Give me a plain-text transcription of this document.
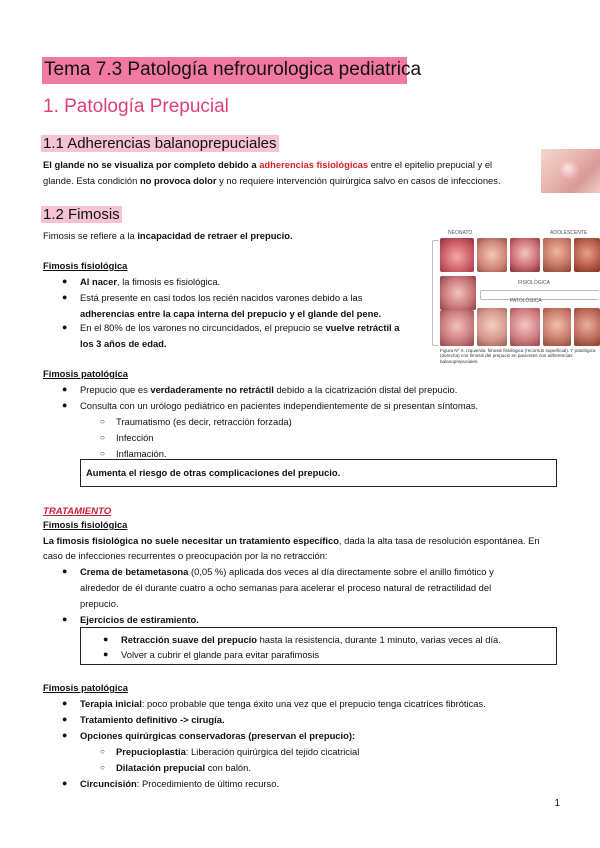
Tema 7.3 Patología nefrourologica pediatrica
1. Patología Prepucial
1.1 Adherencias balanoprepuciales
El glande no se visualiza por completo debido a adherencias fisiológicas entre el epitelio prepucial y el
glande. Esta condición no provoca dolor y no requiere intervención quirúrgica salvo en casos de infecciones.
1.2 Fimosis
Fimosis se refiere a la incapacidad de retraer el prepucio.
Fimosis fisiológica
● Al nacer, la fimosis es fisiológica.
● Está presente en casi todos los recién nacidos varones debido a las
adherencias entre la capa interna del prepucio y el glande del pene.
● En el 80% de los varones no circuncidados, el prepucio se vuelve retráctil a
los 3 años de edad.
NEONATO	ADOLESCENTE
FISIOLÓGICA
PATOLÓGICA
Figura Nº X. Izquierda: fimosis fisiológica (recorrido superficial). Y patológica (derecha) con fimosis del prepucio en pacientes con adherencias balanoprepuciales.
Fimosis patológica
● Prepucio que es verdaderamente no retráctil debido a la cicatrización distal del prepucio.
● Consulta con un urólogo pediátrico en pacientes independientemente de si presentan síntomas.
○ Traumatismo (es decir, retracción forzada)
○ Infección
○ Inflamación.
Aumenta el riesgo de otras complicaciones del prepucio.
TRATAMIENTO
Fimosis fisiológica
La fimosis fisiológica no suele necesitar un tratamiento específico, dada la alta tasa de resolución espontánea. En
caso de infecciones recurrentes o preocupación por la no retracción:
● Crema de betametasona (0,05 %) aplicada dos veces al día directamente sobre el anillo fimótico y
alrededor de él durante cuatro a ocho semanas para acelerar el proceso natural de retractilidad del
prepucio.
● Ejercicios de estiramiento.
● Retracción suave del prepucio hasta la resistencia, durante 1 minuto, varias veces al día.
● Volver a cubrir el glande para evitar parafimosis
Fimosis patológica
● Terapia inicial: poco probable que tenga éxito una vez que el prepucio tenga cicatrices fibróticas.
● Tratamiento definitivo -> cirugía.
● Opciones quirúrgicas conservadoras (preservan el prepucio):
○ Prepucioplastia: Liberación quirúrgica del tejido cicatricial
○ Dilatación prepucial con balón.
● Circuncisión: Procedimiento de último recurso.
1
